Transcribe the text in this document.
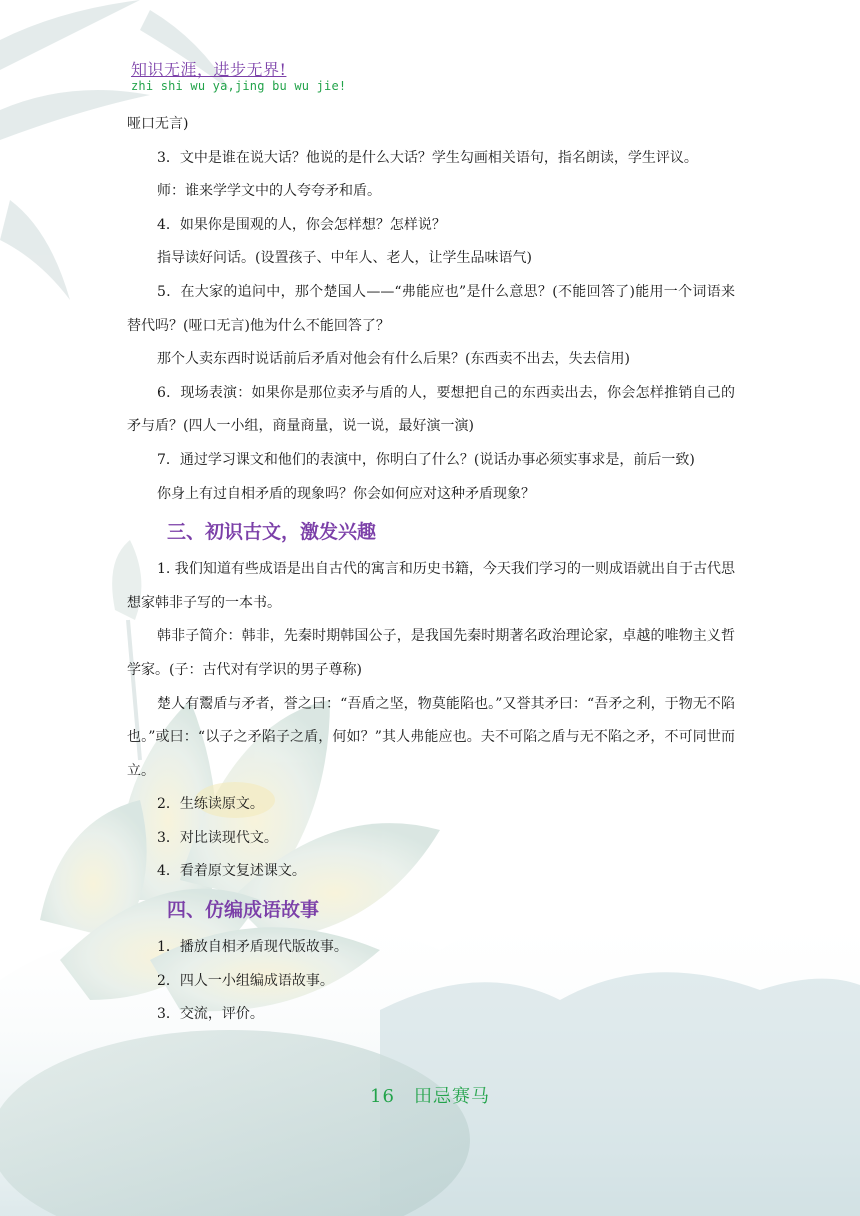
知识无涯，进步无界!
zhi shi wu ya,jing bu wu jie!

哑口无言)

3．文中是谁在说大话？他说的是什么大话？学生勾画相关语句，指名朗读，学生评议。

师：谁来学学文中的人夸夸矛和盾。

4．如果你是围观的人，你会怎样想？怎样说？

指导读好问话。(设置孩子、中年人、老人，让学生品味语气)

5．在大家的追问中，那个楚国人——“弗能应也”是什么意思？(不能回答了)能用一个词语来替代吗？(哑口无言)他为什么不能回答了？

那个人卖东西时说话前后矛盾对他会有什么后果？(东西卖不出去，失去信用)

6．现场表演：如果你是那位卖矛与盾的人，要想把自己的东西卖出去，你会怎样推销自己的矛与盾？(四人一小组，商量商量，说一说，最好演一演)

7．通过学习课文和他们的表演中，你明白了什么？(说话办事必须实事求是，前后一致)

你身上有过自相矛盾的现象吗？你会如何应对这种矛盾现象？

三、初识古文，激发兴趣

1. 我们知道有些成语是出自古代的寓言和历史书籍，今天我们学习的一则成语就出自于古代思想家韩非子写的一本书。

韩非子简介：韩非，先秦时期韩国公子，是我国先秦时期著名政治理论家，卓越的唯物主义哲学家。(子：古代对有学识的男子尊称)

楚人有鬻盾与矛者，誉之曰：“吾盾之坚，物莫能陷也。”又誉其矛曰：“吾矛之利，于物无不陷也。”或曰：“以子之矛陷子之盾，何如？”其人弗能应也。夫不可陷之盾与无不陷之矛，不可同世而立。

2．生练读原文。

3．对比读现代文。

4．看着原文复述课文。

四、仿编成语故事

1．播放自相矛盾现代版故事。

2．四人一小组编成语故事。

3．交流，评价。

16　田忌赛马
